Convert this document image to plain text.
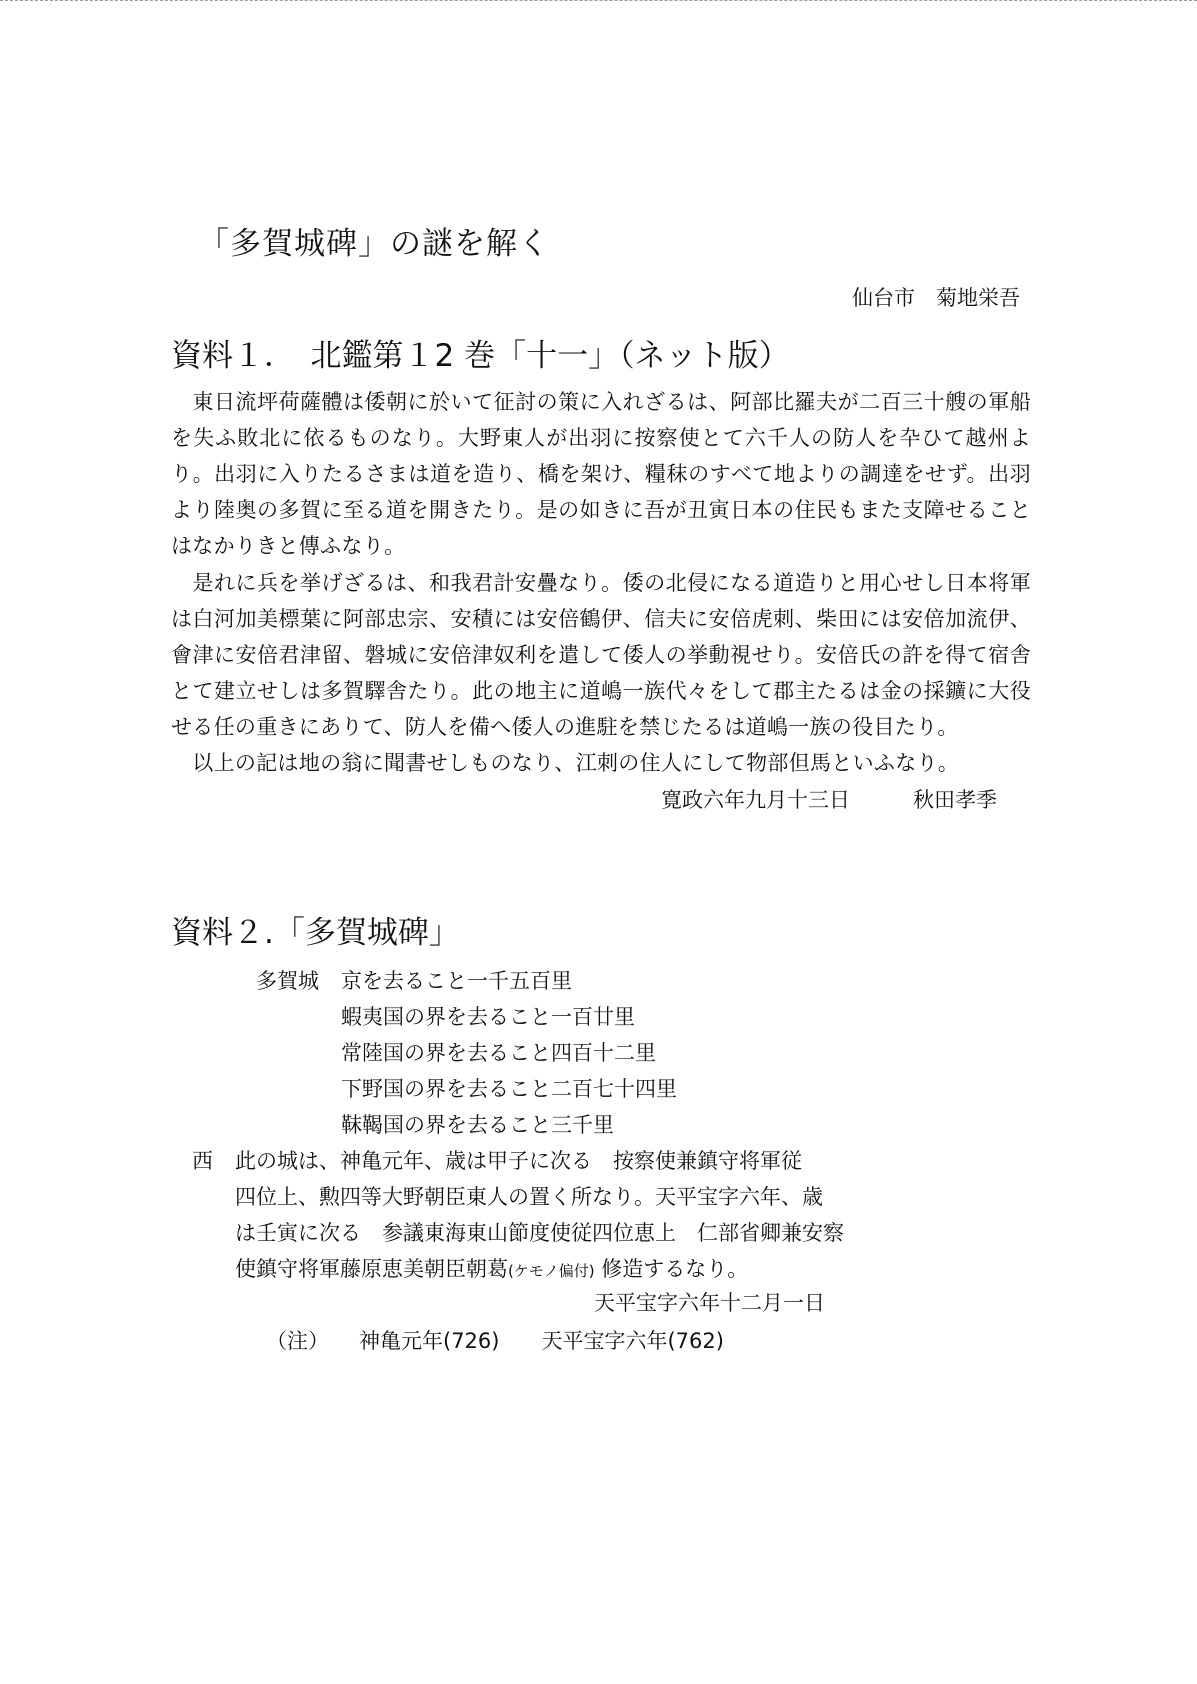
「多賀城碑」の謎を解く
仙台市　菊地栄吾
資料１．　北鑑第１2 巻「十一」（ネット版）
　東日流坪荷薩體は倭朝に於いて征討の策に入れざるは、阿部比羅夫が二百三十艘の軍船を失ふ敗北に依るものなり。大野東人が出羽に按察使とて六千人の防人を卆ひて越州より。出羽に入りたるさまは道を造り、橋を架け、糧秣のすべて地よりの調達をせず。出羽より陸奥の多賀に至る道を開きたり。是の如きに吾が丑寅日本の住民もまた支障せることはなかりきと傳ふなり。
　是れに兵を挙げざるは、和我君計安疊なり。倭の北侵になる道造りと用心せし日本将軍は白河加美標葉に阿部忠宗、安積には安倍鶴伊、信夫に安倍虎刺、柴田には安倍加流伊、會津に安倍君津留、磐城に安倍津奴利を遣して倭人の挙動視せり。安倍氏の許を得て宿舎とて建立せしは多賀驛舎たり。此の地主に道嶋一族代々をして郡主たるは金の採鑛に大役せる任の重きにありて、防人を備へ倭人の進駐を禁じたるは道嶋一族の役目たり。
　以上の記は地の翁に聞書せしものなり、江刺の住人にして物部但馬といふなり。
寛政六年九月十三日　　　秋田孝季
資料２.「多賀城碑」
多賀城 京を去ること一千五百里
蝦夷国の界を去ること一百廿里
常陸国の界を去ること四百十二里
下野国の界を去ること二百七十四里
靺鞨国の界を去ること三千里
西 此の城は、神亀元年、歳は甲子に次る　按察使兼鎮守将軍従
四位上、勲四等大野朝臣東人の置く所なり。天平宝字六年、歳
は壬寅に次る　参議東海東山節度使従四位恵上　仁部省卿兼安察
使鎮守将軍藤原恵美朝臣朝葛(ケモノ偏付) 修造するなり。
天平宝字六年十二月一日
（注） 神亀元年(726) 天平宝字六年(762)
